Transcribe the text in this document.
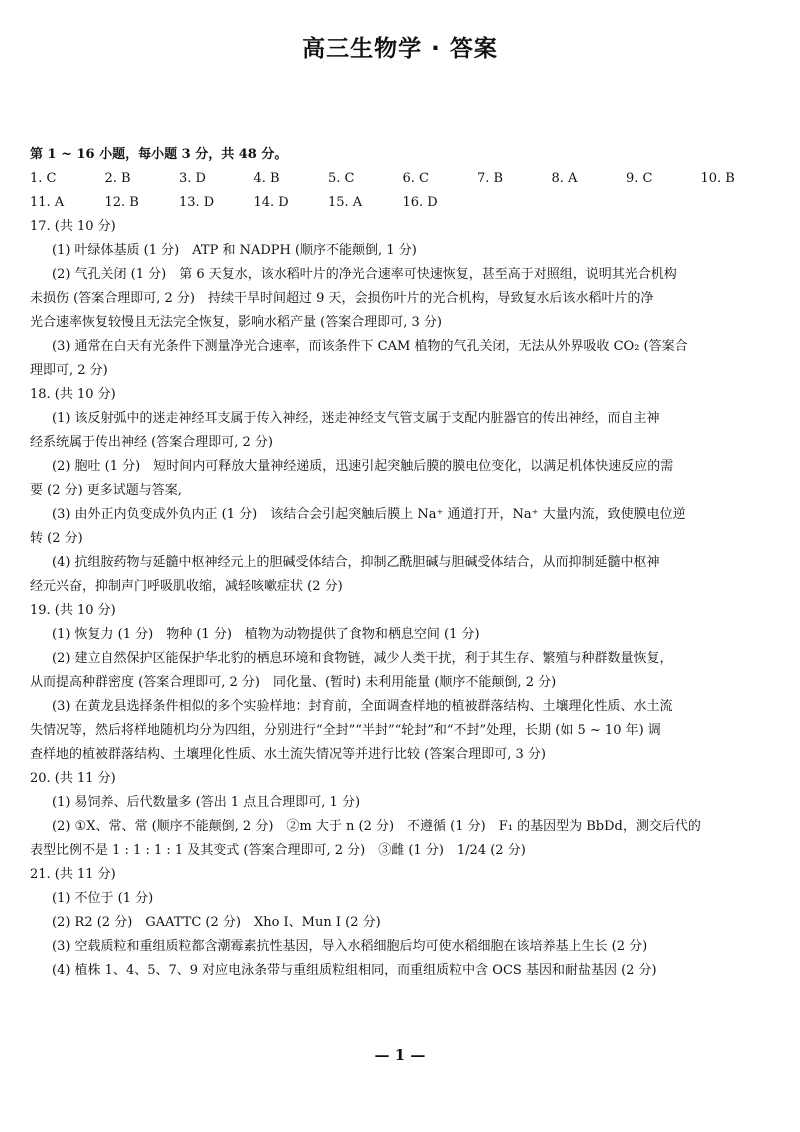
高三生物学 · 答案
第 1 ~ 16 小题，每小题 3 分，共 48 分。
1. C	2. B	3. D	4. B	5. C	6. C	7. B	8. A	9. C	10. B
11. A	12. B	13. D	14. D	15. A	16. D
17. (共 10 分)
(1) 叶绿体基质 (1 分)　ATP 和 NADPH (顺序不能颠倒, 1 分)
(2) 气孔关闭 (1 分)　第 6 天复水，该水稻叶片的净光合速率可快速恢复，甚至高于对照组，说明其光合机构
未损伤 (答案合理即可, 2 分)　持续干旱时间超过 9 天，会损伤叶片的光合机构，导致复水后该水稻叶片的净
光合速率恢复较慢且无法完全恢复，影响水稻产量 (答案合理即可, 3 分)
(3) 通常在白天有光条件下测量净光合速率，而该条件下 CAM 植物的气孔关闭，无法从外界吸收 CO₂ (答案合
理即可, 2 分)
18. (共 10 分)
(1) 该反射弧中的迷走神经耳支属于传入神经，迷走神经支气管支属于支配内脏器官的传出神经，而自主神
经系统属于传出神经 (答案合理即可, 2 分)
(2) 胞吐 (1 分)　短时间内可释放大量神经递质，迅速引起突触后膜的膜电位变化，以满足机体快速反应的需
要 (2 分) 更多试题与答案,
(3) 由外正内负变成外负内正 (1 分)　该结合会引起突触后膜上 Na⁺ 通道打开，Na⁺ 大量内流，致使膜电位逆
转 (2 分)
(4) 抗组胺药物与延髓中枢神经元上的胆碱受体结合，抑制乙酰胆碱与胆碱受体结合，从而抑制延髓中枢神
经元兴奋，抑制声门呼吸肌收缩，减轻咳嗽症状 (2 分)
19. (共 10 分)
(1) 恢复力 (1 分)　物种 (1 分)　植物为动物提供了食物和栖息空间 (1 分)
(2) 建立自然保护区能保护华北豹的栖息环境和食物链，减少人类干扰，利于其生存、繁殖与种群数量恢复，
从而提高种群密度 (答案合理即可, 2 分)　同化量、(暂时) 未利用能量 (顺序不能颠倒, 2 分)
(3) 在黄龙县选择条件相似的多个实验样地：封育前，全面调查样地的植被群落结构、土壤理化性质、水土流
失情况等，然后将样地随机均分为四组，分别进行“全封”“半封”“轮封”和“不封”处理，长期 (如 5 ~ 10 年) 调
查样地的植被群落结构、土壤理化性质、水土流失情况等并进行比较 (答案合理即可, 3 分)
20. (共 11 分)
(1) 易饲养、后代数量多 (答出 1 点且合理即可, 1 分)
(2) ①X、常、常 (顺序不能颠倒, 2 分)　②m 大于 n (2 分)　不遵循 (1 分)　F₁ 的基因型为 BbDd，测交后代的
表型比例不是 1 : 1 : 1 : 1 及其变式 (答案合理即可, 2 分)　③雌 (1 分)　1/24 (2 分)
21. (共 11 分)
(1) 不位于 (1 分)
(2) R2 (2 分)　GAATTC (2 分)　Xho Ⅰ、Mun Ⅰ (2 分)
(3) 空载质粒和重组质粒都含潮霉素抗性基因，导入水稻细胞后均可使水稻细胞在该培养基上生长 (2 分)
(4) 植株 1、4、5、7、9 对应电泳条带与重组质粒组相同，而重组质粒中含 OCS 基因和耐盐基因 (2 分)
— 1 —
